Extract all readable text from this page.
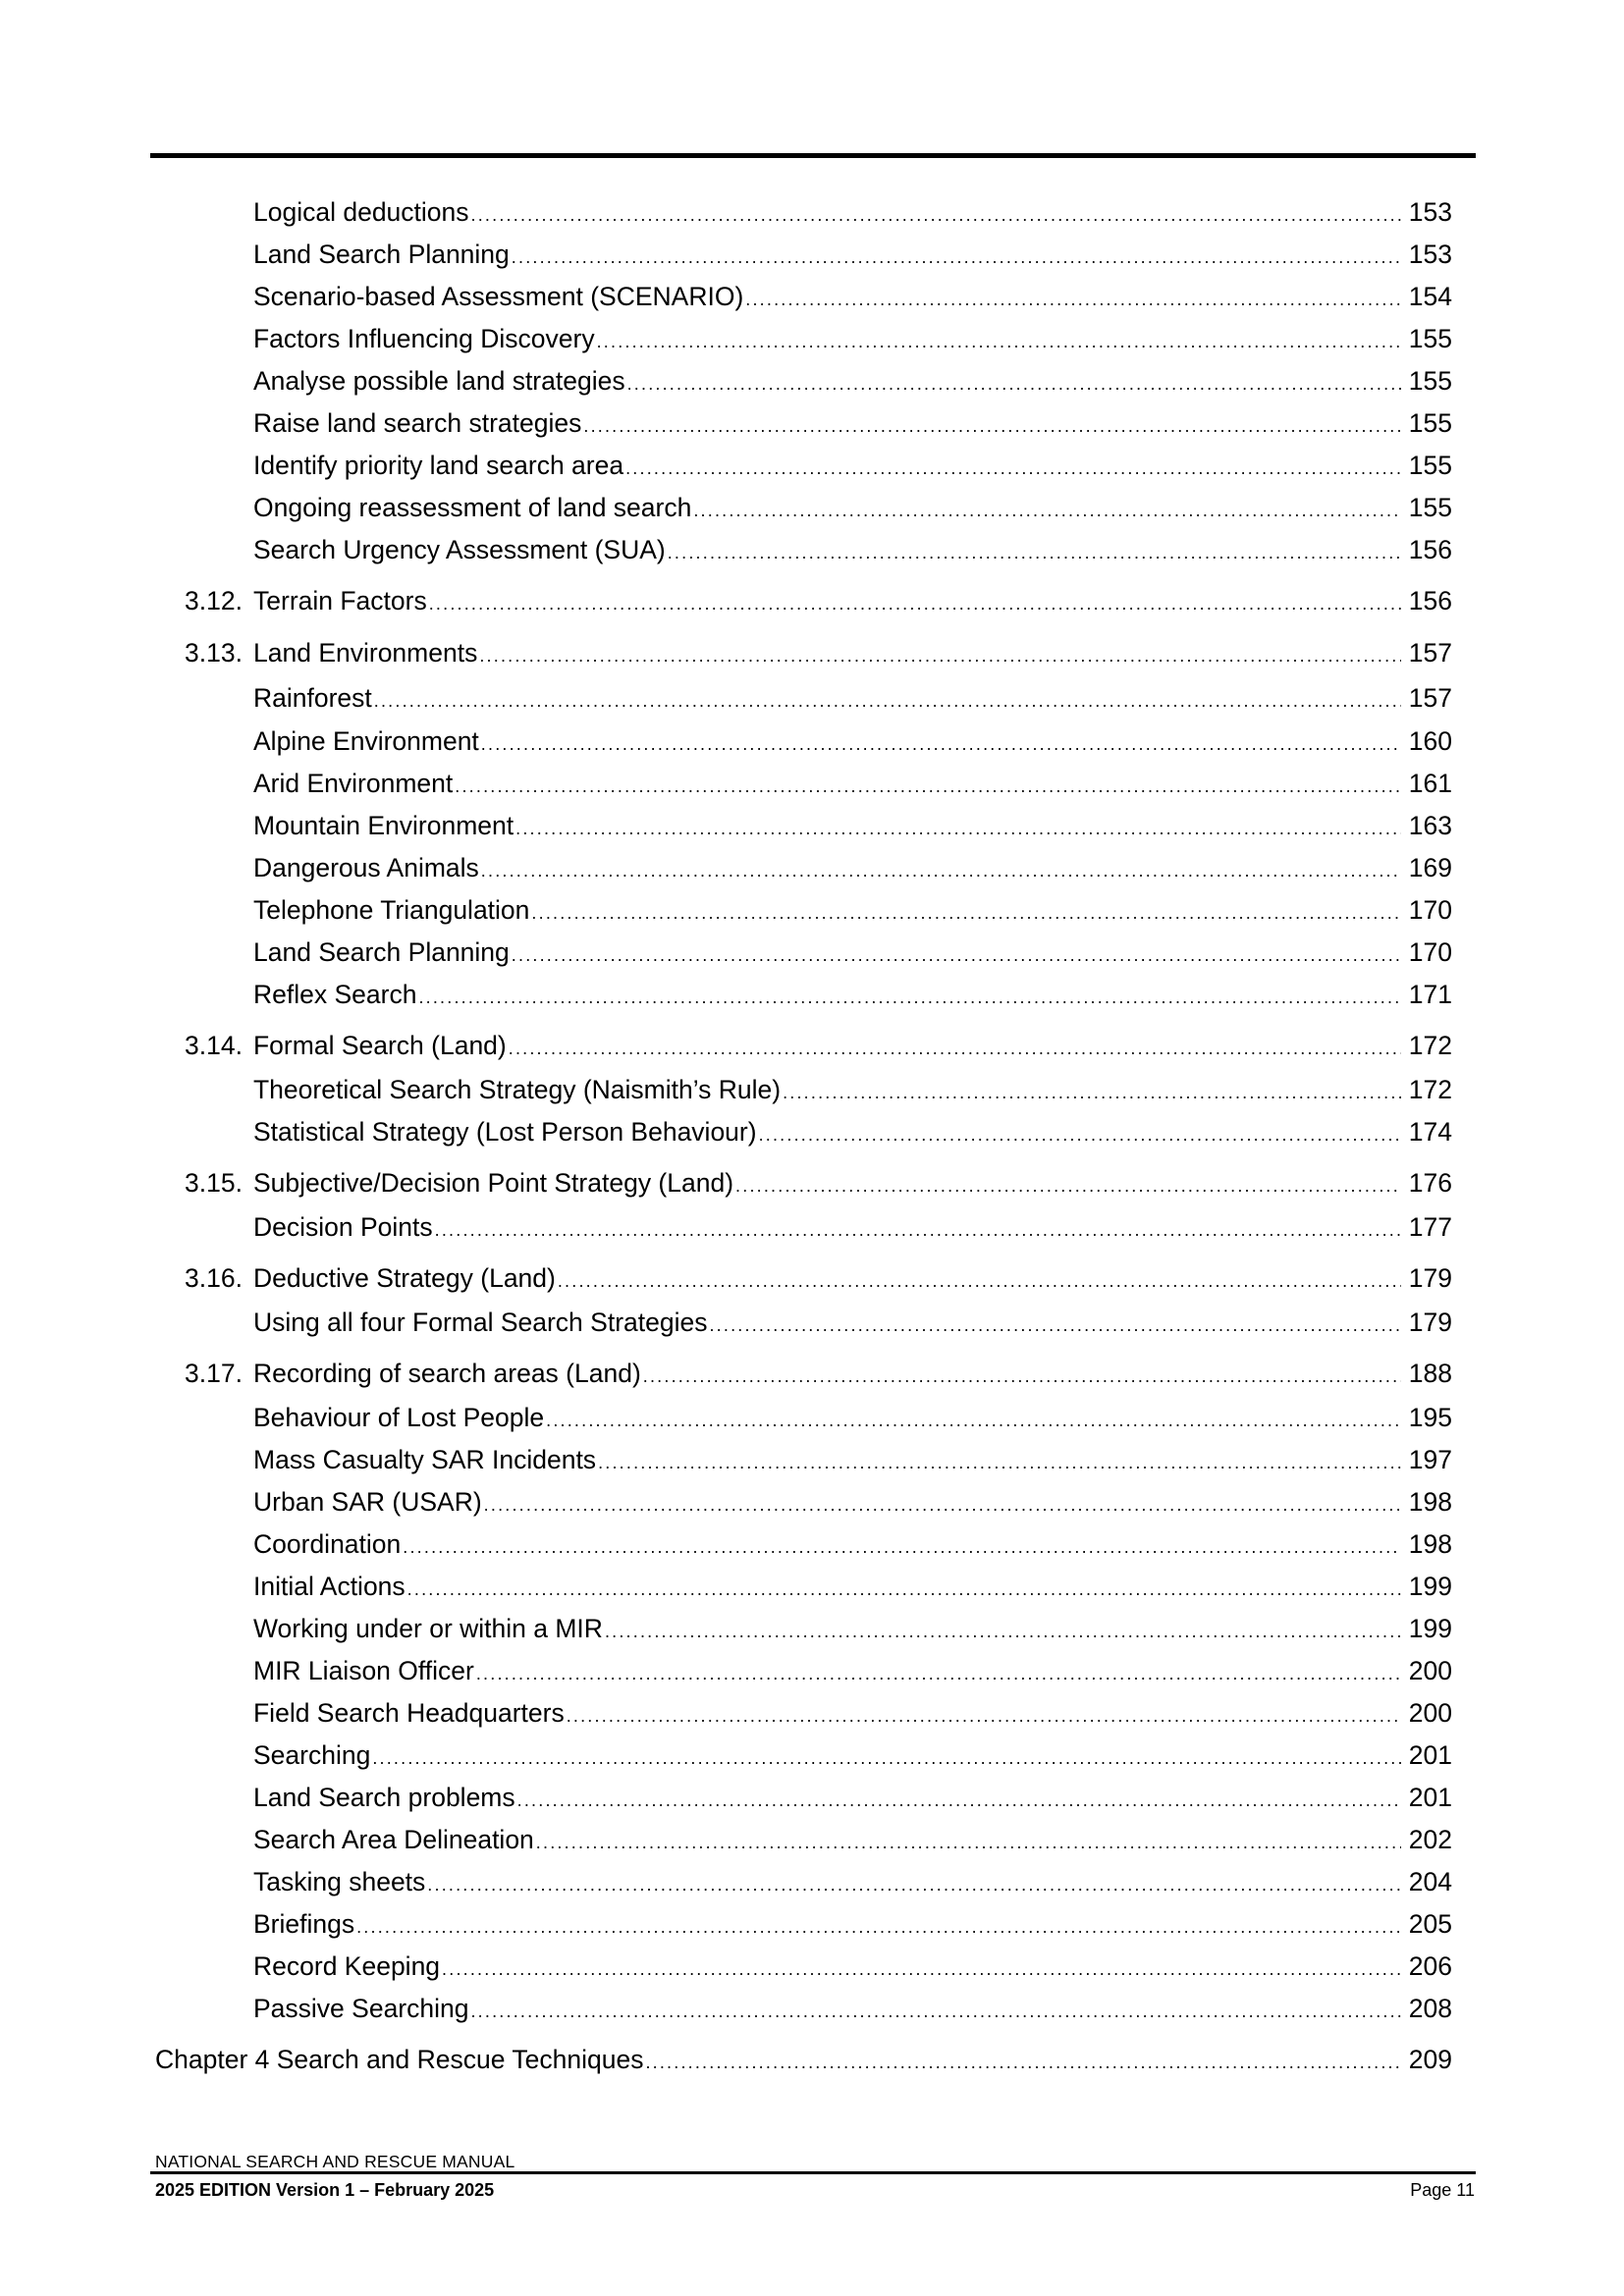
Logical deductions .....	153
Land Search Planning .....	153
Scenario-based Assessment (SCENARIO) .....	154
Factors Influencing Discovery .....	155
Analyse possible land strategies .....	155
Raise land search strategies .....	155
Identify priority land search area .....	155
Ongoing reassessment of land search .....	155
Search Urgency Assessment (SUA) .....	156
3.12. Terrain Factors .....	156
3.13. Land Environments .....	157
Rainforest .....	157
Alpine Environment .....	160
Arid Environment .....	161
Mountain Environment .....	163
Dangerous Animals .....	169
Telephone Triangulation .....	170
Land Search Planning .....	170
Reflex Search .....	171
3.14. Formal Search (Land) .....	172
Theoretical Search Strategy (Naismith’s Rule) .....	172
Statistical Strategy (Lost Person Behaviour) .....	174
3.15. Subjective/Decision Point Strategy (Land) .....	176
Decision Points .....	177
3.16. Deductive Strategy (Land) .....	179
Using all four Formal Search Strategies .....	179
3.17. Recording of search areas (Land) .....	188
Behaviour of Lost People .....	195
Mass Casualty SAR Incidents .....	197
Urban SAR (USAR) .....	198
Coordination .....	198
Initial Actions .....	199
Working under or within a MIR .....	199
MIR Liaison Officer .....	200
Field Search Headquarters .....	200
Searching .....	201
Land Search problems .....	201
Search Area Delineation .....	202
Tasking sheets .....	204
Briefings .....	205
Record Keeping .....	206
Passive Searching .....	208
Chapter 4 Search and Rescue Techniques .....	209
NATIONAL SEARCH AND RESCUE MANUAL
2025 EDITION Version 1 – February 2025	Page 11
